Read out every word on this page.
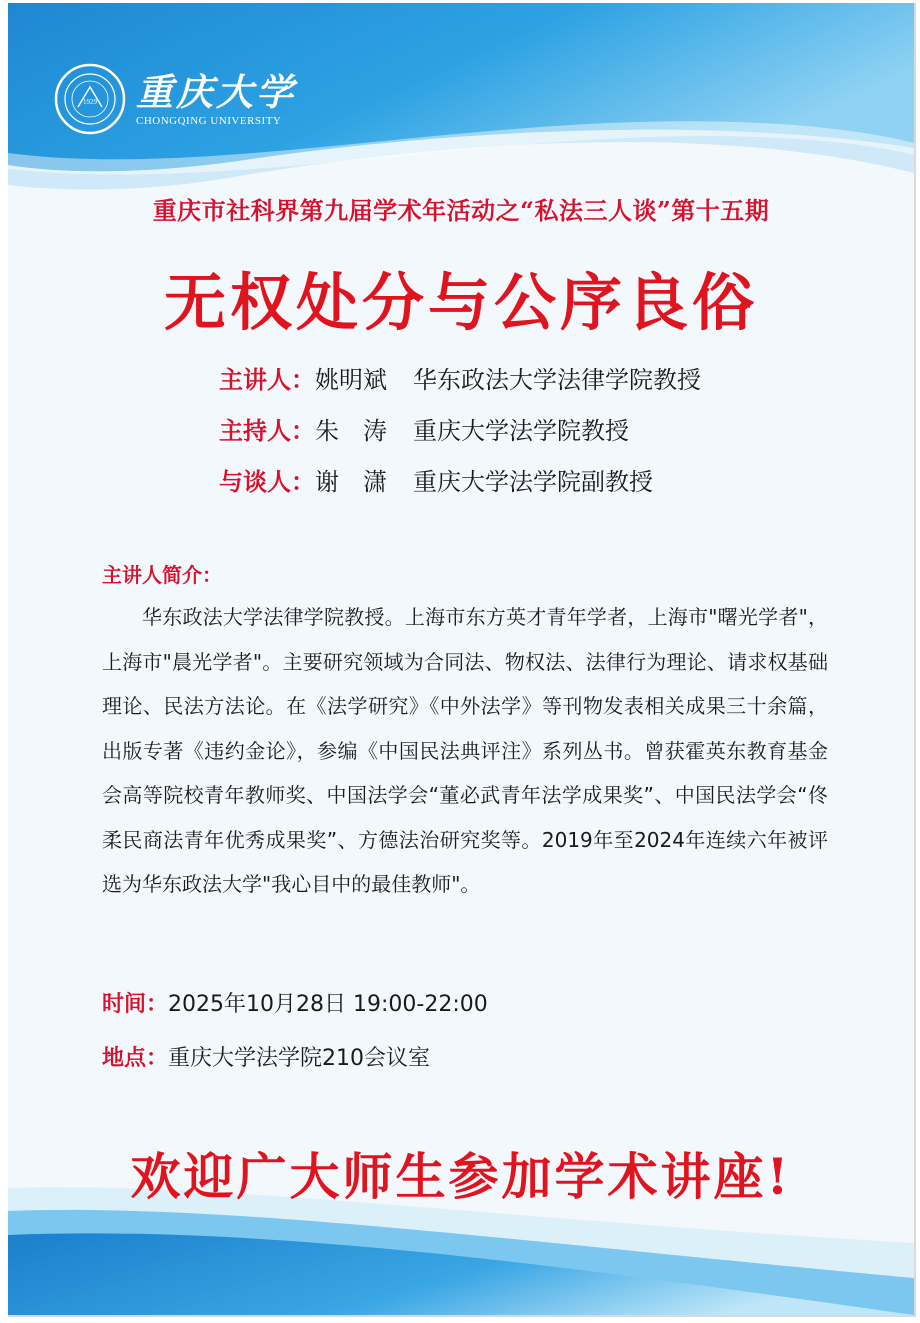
1929 重庆大学
CHONGQING UNIVERSITY
重庆市社科界第九届学术年活动之“私法三人谈”第十五期
无权处分与公序良俗
主讲人：姚明斌 华东政法大学法律学院教授
主持人：朱　涛 重庆大学法学院教授
与谈人：谢　潇 重庆大学法学院副教授
主讲人简介：

华东政法大学法律学院教授。上海市东方英才青年学者，上海市"曙光学者"，上海市"晨光学者"。主要研究领域为合同法、物权法、法律行为理论、请求权基础理论、民法方法论。在《法学研究》《中外法学》等刊物发表相关成果三十余篇，出版专著《违约金论》，参编《中国民法典评注》系列丛书。曾获霍英东教育基金会高等院校青年教师奖、中国法学会“董必武青年法学成果奖”、中国民法学会“佟柔民商法青年优秀成果奖”、方德法治研究奖等。2019年至2024年连续六年被评选为华东政法大学"我心目中的最佳教师"。

时间：2025年10月28日 19:00-22:00
地点：重庆大学法学院210会议室
欢迎广大师生参加学术讲座!
